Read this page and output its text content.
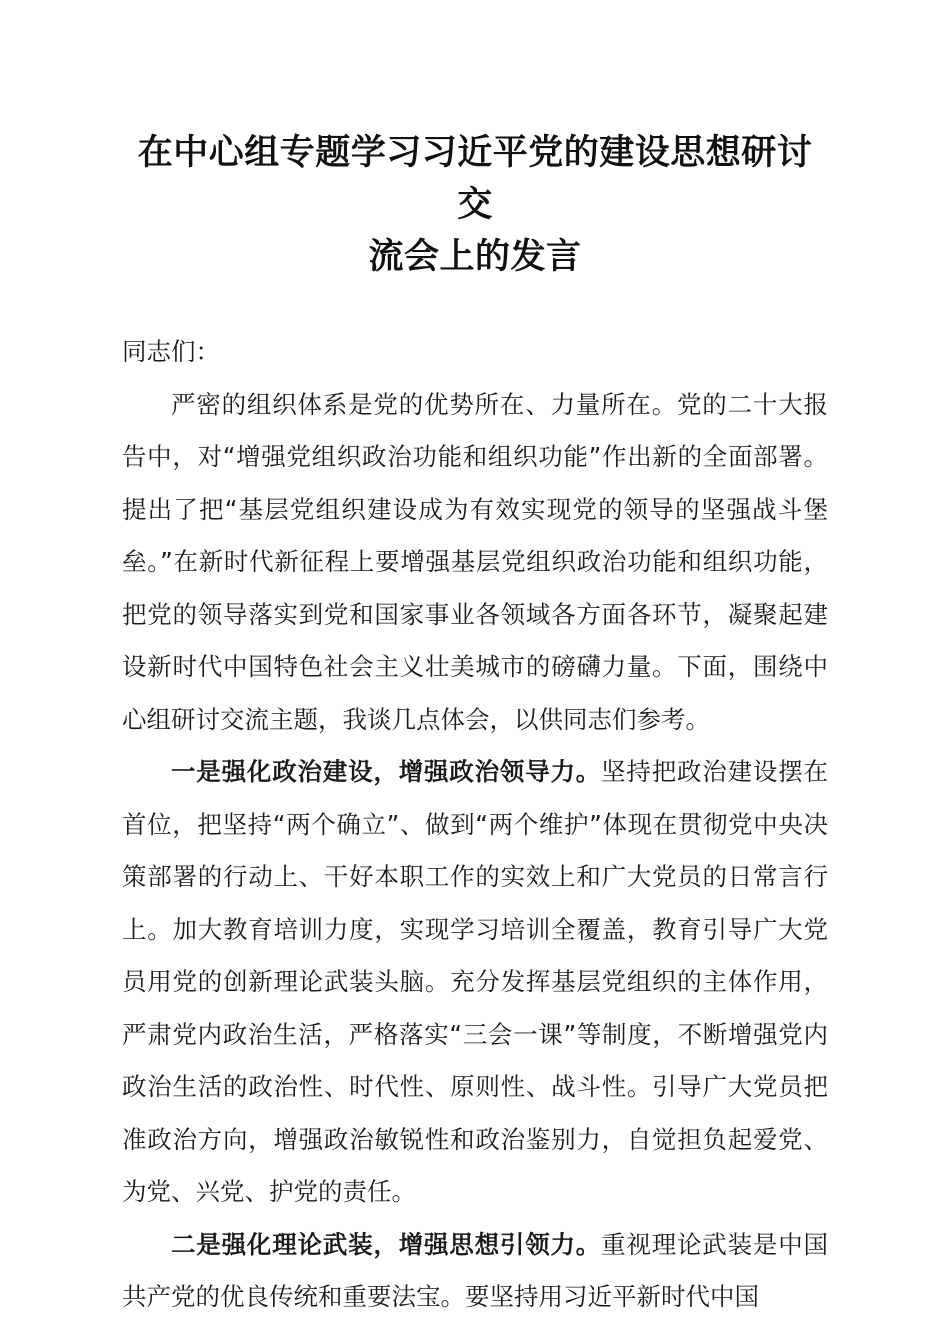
在中心组专题学习习近平党的建设思想研讨交
流会上的发言

同志们：

严密的组织体系是党的优势所在、力量所在。党的二十大报告中，对“增强党组织政治功能和组织功能”作出新的全面部署。提出了把“基层党组织建设成为有效实现党的领导的坚强战斗堡垒。”在新时代新征程上要增强基层党组织政治功能和组织功能，把党的领导落实到党和国家事业各领域各方面各环节，凝聚起建设新时代中国特色社会主义壮美城市的磅礴力量。下面，围绕中心组研讨交流主题，我谈几点体会，以供同志们参考。

一是强化政治建设，增强政治领导力。坚持把政治建设摆在首位，把坚持“两个确立”、做到“两个维护”体现在贯彻党中央决策部署的行动上、干好本职工作的实效上和广大党员的日常言行上。加大教育培训力度，实现学习培训全覆盖，教育引导广大党员用党的创新理论武装头脑。充分发挥基层党组织的主体作用，严肃党内政治生活，严格落实“三会一课”等制度，不断增强党内政治生活的政治性、时代性、原则性、战斗性。引导广大党员把准政治方向，增强政治敏锐性和政治鉴别力，自觉担负起爱党、为党、兴党、护党的责任。

二是强化理论武装，增强思想引领力。重视理论武装是中国共产党的优良传统和重要法宝。要坚持用习近平新时代中国
